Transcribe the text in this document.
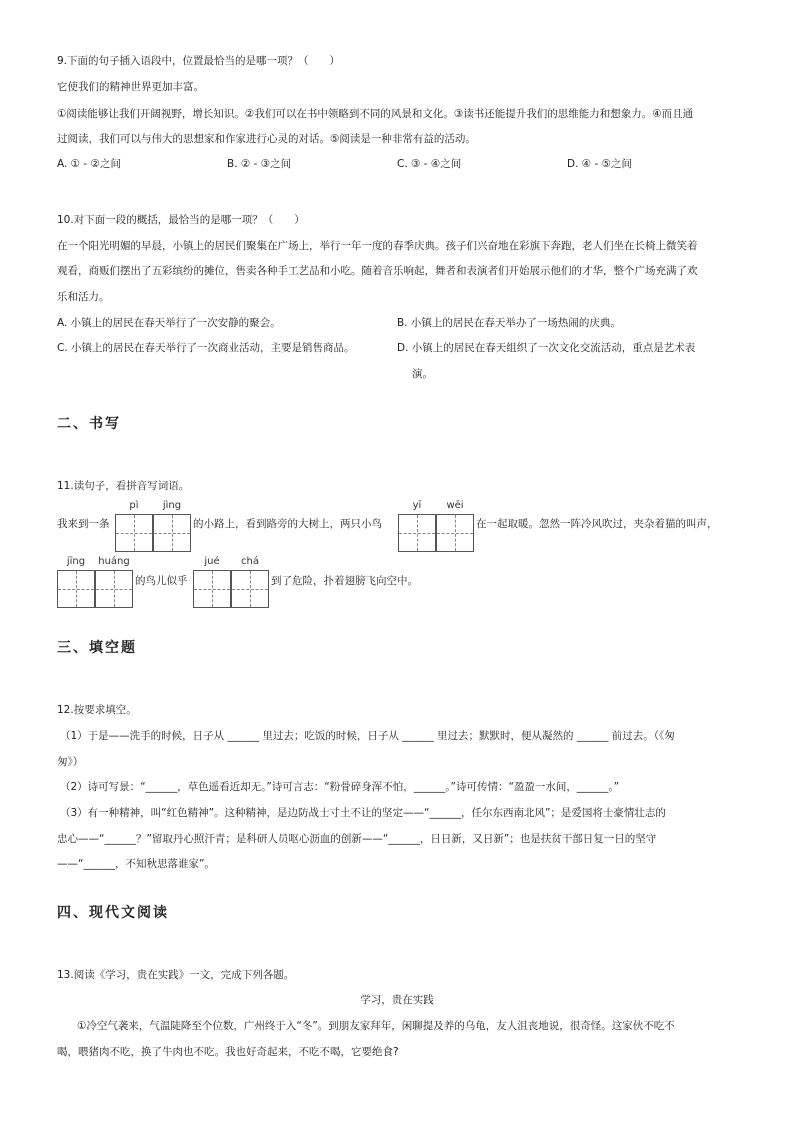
9.下面的句子插入语段中，位置最恰当的是哪一项？（　　）
它使我们的精神世界更加丰富。
①阅读能够让我们开阔视野，增长知识。②我们可以在书中领略到不同的风景和文化。③读书还能提升我们的思维能力和想象力。④而且通
过阅读，我们可以与伟大的思想家和作家进行心灵的对话。⑤阅读是一种非常有益的活动。
A. ① - ②之间	B. ② - ③之间	C. ③ - ④之间	D. ④ - ⑤之间
10.对下面一段的概括，最恰当的是哪一项？（　　）
在一个阳光明媚的早晨，小镇上的居民们聚集在广场上，举行一年一度的春季庆典。孩子们兴奋地在彩旗下奔跑，老人们坐在长椅上微笑着
观看，商贩们摆出了五彩缤纷的摊位，售卖各种手工艺品和小吃。随着音乐响起，舞者和表演者们开始展示他们的才华，整个广场充满了欢
乐和活力。
A. 小镇上的居民在春天举行了一次安静的聚会。	B. 小镇上的居民在春天举办了一场热闹的庆典。
C. 小镇上的居民在春天举行了一次商业活动，主要是销售商品。	D. 小镇上的居民在春天组织了一次文化交流活动，重点是艺术表
演。
二、书写
11.读句子，看拼音写词语。
pì	jìng	yī	wēi
我来到一条	的小路上，看到路旁的大树上，两只小鸟	在一起取暖。忽然一阵冷风吹过，夹杂着猫的叫声，
jīng	huáng	jué	chá
的鸟儿似乎	到了危险，扑着翅膀飞向空中。
三、填空题
12.按要求填空。
（1）于是——洗手的时候，日子从 ______ 里过去；吃饭的时候，日子从 ______ 里过去；默默时，便从凝然的 ______ 前过去。（《匆
匆》）
（2）诗可写景：“______，草色遥看近却无。”诗可言志：“粉骨碎身浑不怕，______。”诗可传情：“盈盈一水间，______。”
（3）有一种精神，叫“红色精神”。这种精神，是边防战士寸土不让的坚定——“______，任尔东西南北风”；是爱国将士豪情壮志的
忠心——“______？”留取丹心照汗青；是科研人员呕心沥血的创新——“______，日日新，又日新”；也是扶贫干部日复一日的坚守
——“______，不知秋思落谁家”。
四、现代文阅读
13.阅读《学习，贵在实践》一文，完成下列各题。
学习，贵在实践
①冷空气袭来，气温陡降至个位数，广州终于入“冬”。到朋友家拜年，闲聊提及养的乌龟，友人沮丧地说，很奇怪。这家伙不吃不
喝，喂猪肉不吃，换了牛肉也不吃。我也好奇起来，不吃不喝，它要绝食?
